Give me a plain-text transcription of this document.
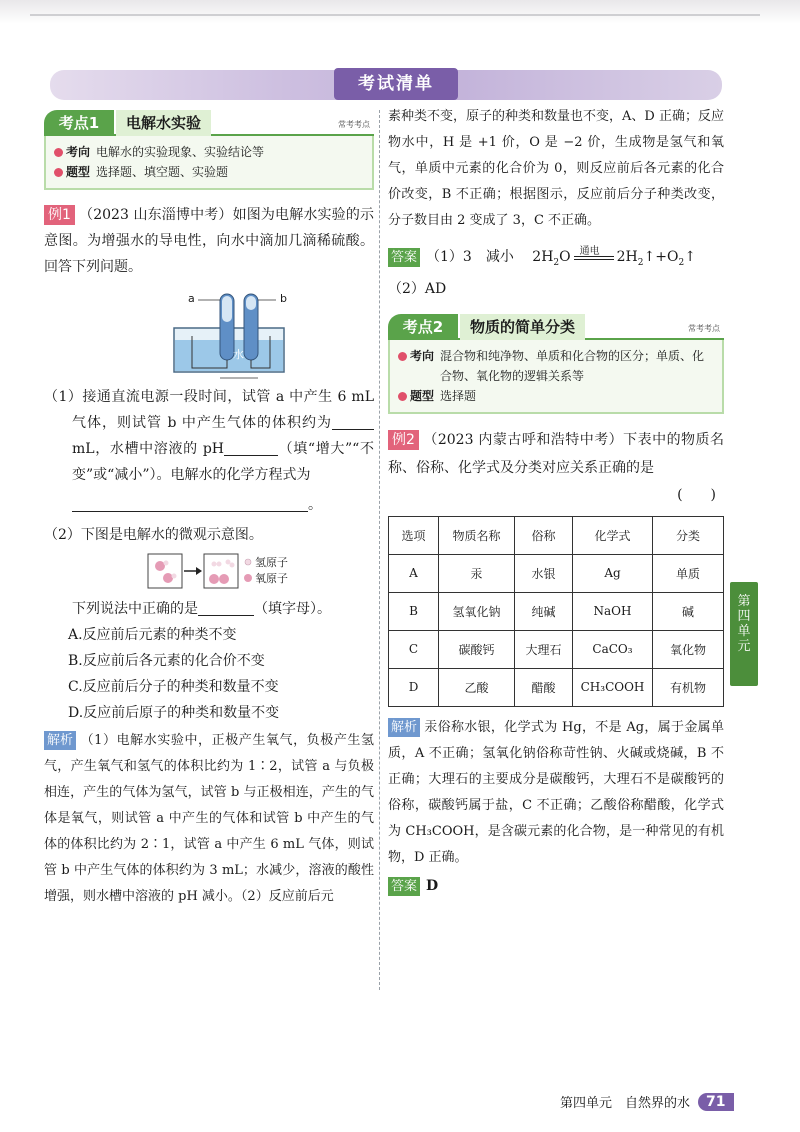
考试清单
考点1	电解水实验	常考考点
考向 电解水的实验现象、实验结论等
题型 选择题、填空题、实验题
例1 （2023 山东淄博中考）如图为电解水实验的示意图。为增强水的导电性，向水中滴加几滴稀硫酸。回答下列问题。
a	b
水
（1）接通直流电源一段时间，试管 a 中产生 6 mL 气体，则试管 b 中产生气体的体积约为mL，水槽中溶液的 pH	（填“增大”“不变”或“减小”）。电解水的化学方程式为
。
（2）下图是电解水的微观示意图。
氢原子
氧原子
下列说法中正确的是	（填字母）。
A.反应前后元素的种类不变
B.反应前后各元素的化合价不变
C.反应前后分子的种类和数量不变
D.反应前后原子的种类和数量不变
解析 （1）电解水实验中，正极产生氧气，负极产生氢气，产生氧气和氢气的体积比约为 1∶2，试管 a 与负极相连，产生的气体为氢气，试管 b 与正极相连，产生的气体是氧气，则试管 a 中产生的气体和试管 b 中产生的气体的体积比约为 2∶1，试管 a 中产生 6 mL 气体，则试管 b 中产生气体的体积约为 3 mL；水减少，溶液的酸性增强，则水槽中溶液的 pH 减小。（2）反应前后元
素种类不变，原子的种类和数量也不变，A、D 正确；反应物水中，H 是 +1 价，O 是 −2 价，生成物是氢气和氧气，单质中元素的化合价为 0，则反应前后各元素的化合价改变，B 不正确；根据图示，反应前后分子种类改变，分子数目由 2 变成了 3，C 不正确。
答案 （1）3　减小 $2H_2O$ 通电 $2H_2↑+O_2↑$
（2）AD
考点2	物质的简单分类	常考考点
考向 混合物和纯净物、单质和化合物的区分；单质、化合物、氧化物的逻辑关系等
题型 选择题
例2 （2023 内蒙古呼和浩特中考）下表中的物质名称、俗称、化学式及分类对应关系正确的是
(　　)
选项	物质名称	俗称	化学式	分类
A	汞	水银	Ag	单质
B	氢氧化钠	纯碱	NaOH	碱
C	碳酸钙	大理石	CaCO₃	氧化物
D	乙酸	醋酸	CH₃COOH	有机物
解析 汞俗称水银，化学式为 Hg，不是 Ag，属于金属单质，A 不正确；氢氧化钠俗称苛性钠、火碱或烧碱，B 不正确；大理石的主要成分是碳酸钙，大理石不是碳酸钙的俗称，碳酸钙属于盐，C 不正确；乙酸俗称醋酸，化学式为 CH₃COOH，是含碳元素的化合物，是一种常见的有机物，D 正确。
答案 D
第四单元
第四单元　自然界的水	71
